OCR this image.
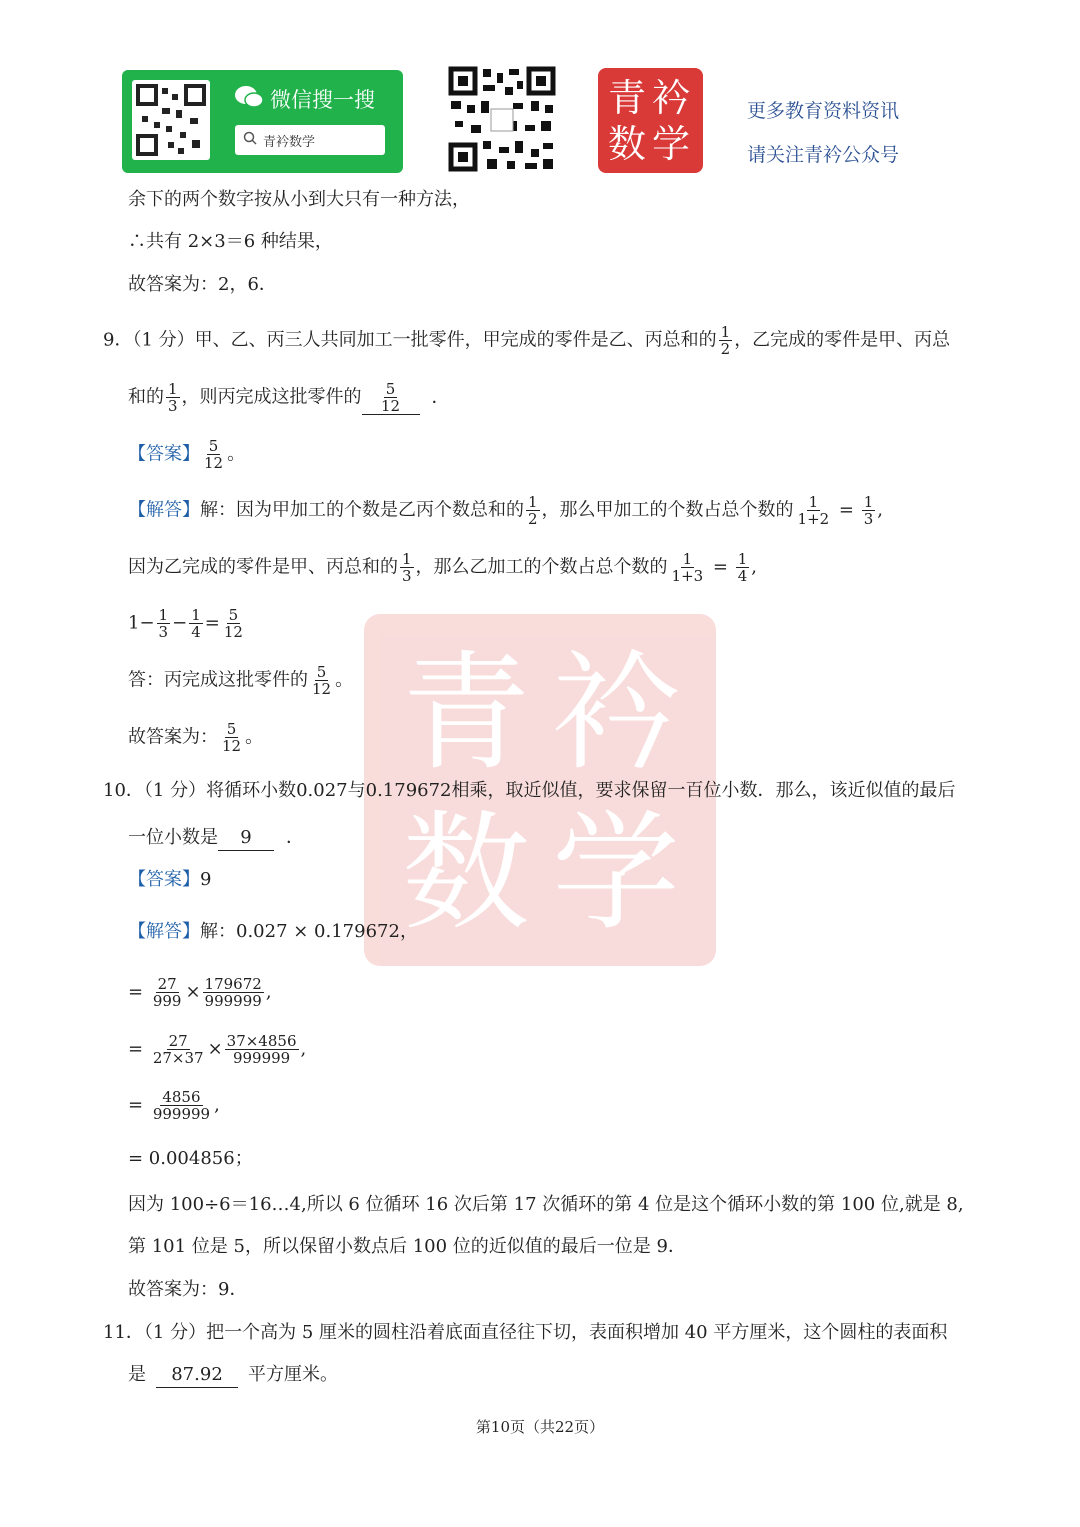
微信搜一搜
青衿数学
青 衿
数 学
更多教育资料资讯
请关注青衿公众号
青 衿
数 学
余下的两个数字按从小到大只有一种方法，
∴共有 2×3＝6 种结果，
故答案为：2，6．
9．（1 分）甲、乙、丙三人共同加工一批零件，甲完成的零件是乙、丙总和的 $\frac{1}{2}$ ，乙完成的零件是甲、丙总
和的 $\frac{1}{3}$ ，则丙完成这批零件的 $\frac{5}{12}$ ．
【答案】 $\frac{5}{12}$ 。
【解答】解：因为甲加工的个数是乙丙个数总和的 $\frac{1}{2}$ ，那么甲加工的个数占总个数的 $\frac{1}{1+2} = \frac{1}{3}$ ,
因为乙完成的零件是甲、丙总和的 $\frac{1}{3}$ ，那么乙加工的个数占总个数的 $\frac{1}{1+3} = \frac{1}{4}$ ,
$1- \frac{1}{3} - \frac{1}{4} = \frac{5}{12}$
答：丙完成这批零件的 $\frac{5}{12}$ 。
故答案为： $\frac{5}{12}$ 。
10．（1 分）将循环小数0.027与0.179672相乘，取近似值，要求保留一百位小数．那么，该近似值的最后
一位小数是 9 ．
【答案】9
【解答】解：0.027 × 0.179672，
= $\frac{27}{999} \times \frac{179672}{999999}$ ,
= $\frac{27}{27\times 37} \times \frac{37\times 4856}{999999}$ ,
= $\frac{4856}{999999}$ ,
= 0.004856；
因为 100÷6＝16…4,所以 6 位循环 16 次后第 17 次循环的第 4 位是这个循环小数的第 100 位,就是 8,
第 101 位是 5，所以保留小数点后 100 位的近似值的最后一位是 9．
故答案为：9．
11．（1 分）把一个高为 5 厘米的圆柱沿着底面直径往下切，表面积增加 40 平方厘米，这个圆柱的表面积
是 87.92 平方厘米。
第10页（共22页）
